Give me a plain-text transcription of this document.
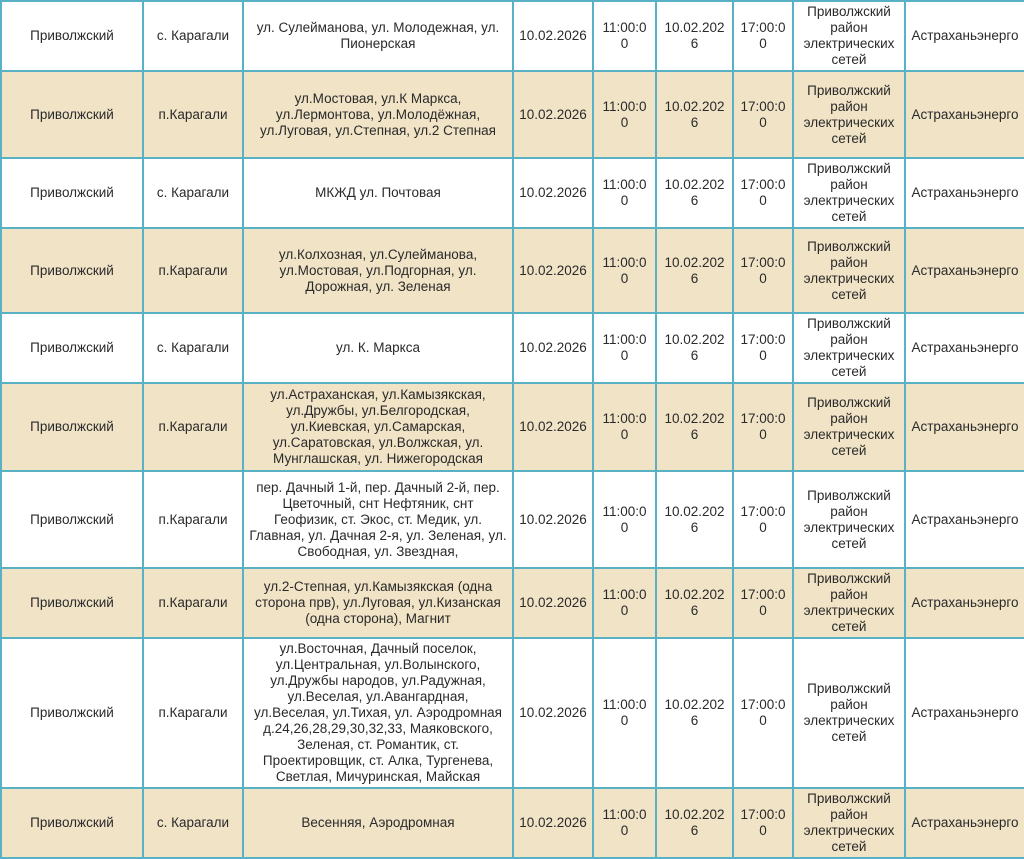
Приволжский	с. Карагали	ул. Сулейманова, ул. Молодежная, ул. Пионерская	10.02.2026	11:00:00	10.02.2026	17:00:00	Приволжский район электрических сетей	Астраханьэнерго
Приволжский	п.Карагали	ул.Мостовая, ул.К Маркса, ул.Лермонтова, ул.Молодёжная, ул.Луговая, ул.Степная, ул.2 Степная	10.02.2026	11:00:00	10.02.2026	17:00:00	Приволжский район электрических сетей	Астраханьэнерго
Приволжский	с. Карагали	МКЖД ул. Почтовая	10.02.2026	11:00:00	10.02.2026	17:00:00	Приволжский район электрических сетей	Астраханьэнерго
Приволжский	п.Карагали	ул.Колхозная, ул.Сулейманова, ул.Мостовая, ул.Подгорная, ул. Дорожная, ул. Зеленая	10.02.2026	11:00:00	10.02.2026	17:00:00	Приволжский район электрических сетей	Астраханьэнерго
Приволжский	с. Карагали	ул. К. Маркса	10.02.2026	11:00:00	10.02.2026	17:00:00	Приволжский район электрических сетей	Астраханьэнерго
Приволжский	п.Карагали	ул.Астраханская, ул.Камызякская, ул.Дружбы, ул.Белгородская, ул.Киевская, ул.Самарская, ул.Саратовская, ул.Волжская, ул. Мунглашская, ул. Нижегородская	10.02.2026	11:00:00	10.02.2026	17:00:00	Приволжский район электрических сетей	Астраханьэнерго
Приволжский	п.Карагали	пер. Дачный 1-й, пер. Дачный 2-й, пер. Цветочный, снт Нефтяник, снт Геофизик, ст. Экос, ст. Медик, ул. Главная, ул. Дачная 2-я, ул. Зеленая, ул. Свободная, ул. Звездная,	10.02.2026	11:00:00	10.02.2026	17:00:00	Приволжский район электрических сетей	Астраханьэнерго
Приволжский	п.Карагали	ул.2-Степная, ул.Камызякская (одна сторона прв), ул.Луговая, ул.Кизанская (одна сторона), Магнит	10.02.2026	11:00:00	10.02.2026	17:00:00	Приволжский район электрических сетей	Астраханьэнерго
Приволжский	п.Карагали	ул.Восточная, Дачный поселок, ул.Центральная, ул.Волынского, ул.Дружбы народов, ул.Радужная, ул.Веселая, ул.Авангардная, ул.Веселая, ул.Тихая, ул. Аэродромная д.24,26,28,29,30,32,33, Маяковского, Зеленая, ст. Романтик, ст. Проектировщик, ст. Алка, Тургенева, Светлая, Мичуринская, Майская	10.02.2026	11:00:00	10.02.2026	17:00:00	Приволжский район электрических сетей	Астраханьэнерго
Приволжский	с. Карагали	Весенняя, Аэродромная	10.02.2026	11:00:00	10.02.2026	17:00:00	Приволжский район электрических сетей	Астраханьэнерго
